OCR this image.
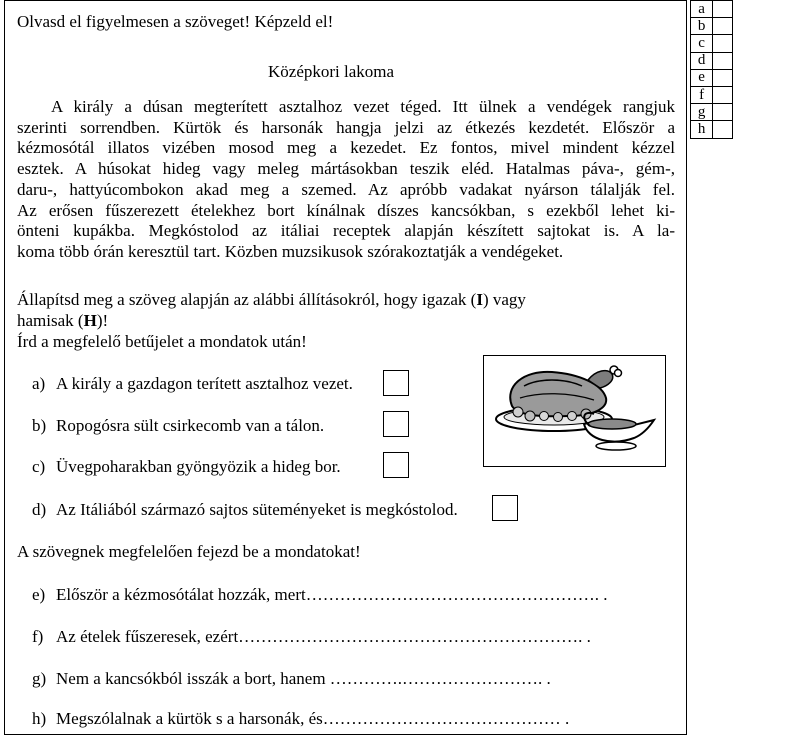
Olvasd el figyelmesen a szöveget! Képzeld el!
Középkori lakoma
A király a dúsan megterített asztalhoz vezet téged. Itt ülnek a vendégek rangjuk
szerinti sorrendben. Kürtök és harsonák hangja jelzi az étkezés kezdetét. Először a
kézmosótál illatos vizében mosod meg a kezedet. Ez fontos, mivel mindent kézzel
esztek. A húsokat hideg vagy meleg mártásokban teszik eléd. Hatalmas páva-, gém-,
daru-, hattyúcombokon akad meg a szemed. Az apróbb vadakat nyárson tálalják fel.
Az erősen fűszerezett ételekhez bort kínálnak díszes kancsókban, s ezekből lehet ki-
önteni kupákba. Megkóstolod az itáliai receptek alapján készített sajtokat is. A la-
koma több órán keresztül tart. Közben muzsikusok szórakoztatják a vendégeket.
Állapítsd meg a szöveg alapján az alábbi állításokról, hogy igazak (I) vagy
hamisak (H)!
Írd a megfelelő betűjelet a mondatok után!
a) A király a gazdagon terített asztalhoz vezet.
b) Ropogósra sült csirkecomb van a tálon.
c) Üvegpoharakban gyöngyözik a hideg bor.
d) Az Itáliából származó sajtos süteményeket is megkóstolod.
A szövegnek megfelelően fejezd be a mondatokat!
e) Először a kézmosótálat hozzák, mert……………………………………………. .
f) Az ételek fűszeresek, ezért……………………………………………………. .
g) Nem a kancsókból isszák a bort, hanem ………….……………………. .
h) Megszólalnak a kürtök s a harsonák, és…………………………………… .
a	
b	
c	
d	
e	
f	
g	
h	
